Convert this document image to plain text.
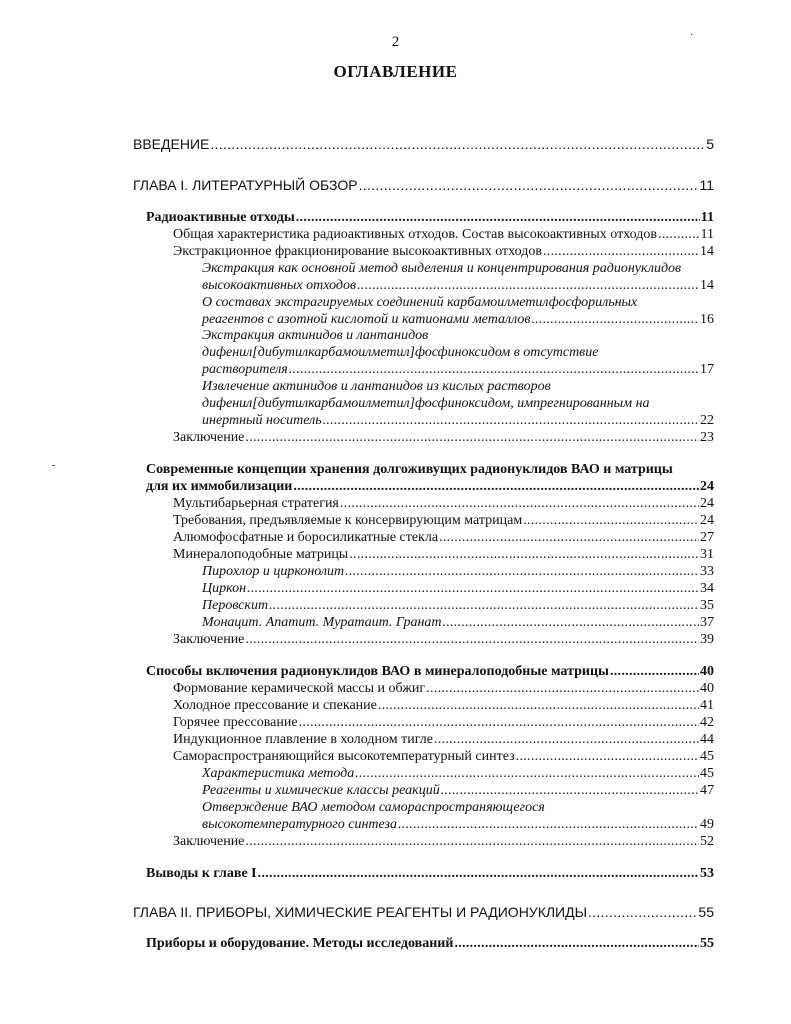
2	·
-
ОГЛАВЛЕНИЕ
ВВЕДЕНИЕ .....	5
ГЛАВА I. ЛИТЕРАТУРНЫЙ ОБЗОР .....	11
Радиоактивные отходы .....	11
Общая характеристика радиоактивных отходов. Состав высокоактивных отходов .....	11
Экстракционное фракционирование высокоактивных отходов .....	14
Экстракция как основной метод выделения и концентрирования радионуклидов
высокоактивных отходов .....	14
О составах экстрагируемых соединений карбамоилметилфосфорильных
реагентов с азотной кислотой и катионами металлов .....	16
Экстракция актинидов и лантанидов
дифенил[дибутилкарбамоилметил]фосфиноксидом в отсутствие
растворителя .....	17
Извлечение актинидов и лантанидов из кислых растворов
дифенил[дибутилкарбамоилметил]фосфиноксидом, импрегнированным на
инертный носитель .....	22
Заключение .....	23
Современные концепции хранения долгоживущих радионуклидов ВАО и матрицы
для их иммобилизации .....	24
Мультибарьерная стратегия .....	24
Требования, предъявляемые к консервирующим матрицам .....	24
Алюмофосфатные и боросиликатные стекла .....	27
Минералоподобные матрицы .....	31
Пирохлор и цирконолит .....	33
Циркон .....	34
Перовскит .....	35
Монацит. Апатит. Муратаит. Гранат .....	37
Заключение .....	39
Способы включения радионуклидов ВАО в минералоподобные матрицы .....	40
Формование керамической массы и обжиг .....	40
Холодное прессование и спекание .....	41
Горячее прессование .....	42
Индукционное плавление в холодном тигле .....	44
Самораспространяющийся высокотемпературный синтез .....	45
Характеристика метода .....	45
Реагенты и химические классы реакций .....	47
Отверждение ВАО методом самораспространяющегося
высокотемпературного синтеза .....	49
Заключение .....	52
Выводы к главе I .....	53
ГЛАВА II. ПРИБОРЫ, ХИМИЧЕСКИЕ РЕАГЕНТЫ И РАДИОНУКЛИДЫ .....	55
Приборы и оборудование. Методы исследований .....	55
